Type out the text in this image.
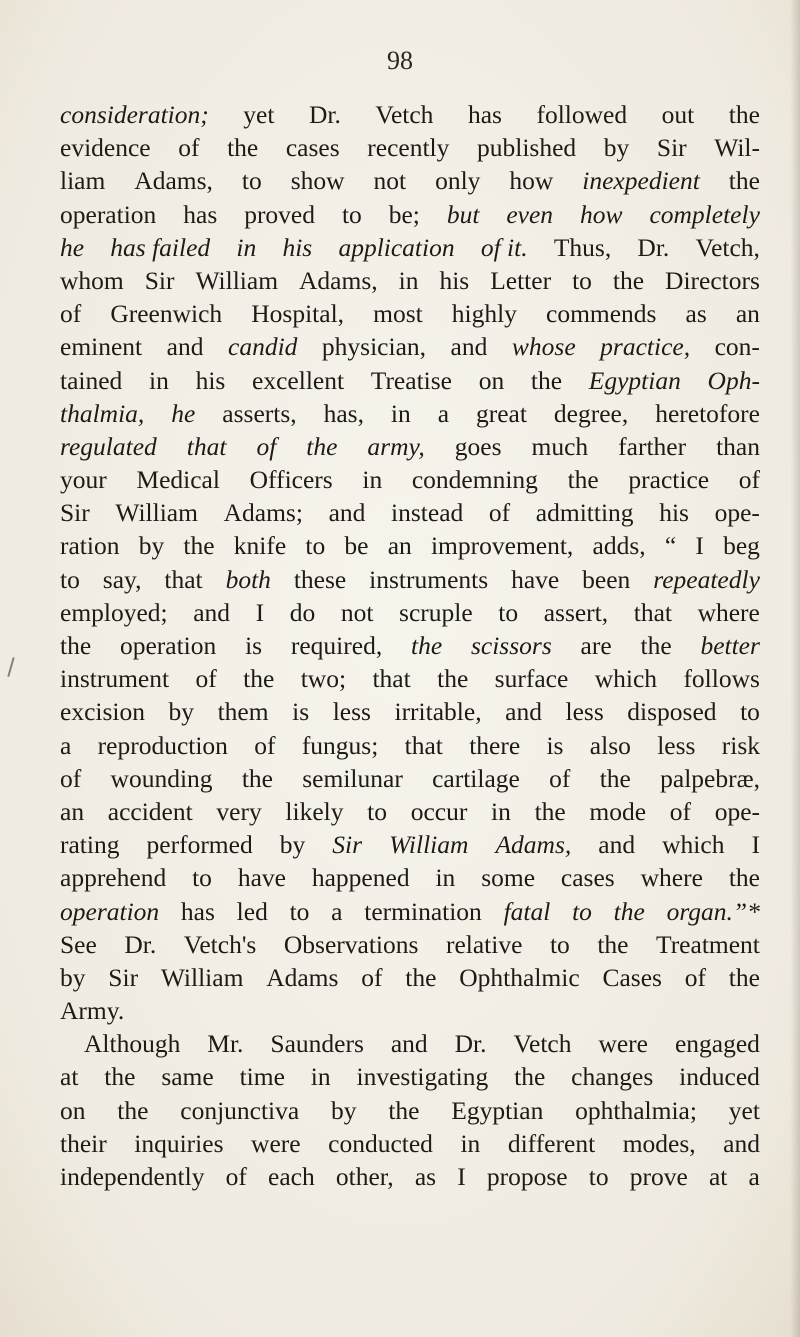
98
consideration; yet Dr. Vetch has followed out the
evidence of the cases recently published by Sir Wil-
liam Adams, to show not only how inexpedient the
operation has proved to be; but even how completely
he has failed in his application of it. Thus, Dr. Vetch,
whom Sir William Adams, in his Letter to the Directors
of Greenwich Hospital, most highly commends as an
eminent and candid physician, and whose practice, con-
tained in his excellent Treatise on the Egyptian Oph-
thalmia, he asserts, has, in a great degree, heretofore
regulated that of the army, goes much farther than
your Medical Officers in condemning the practice of
Sir William Adams; and instead of admitting his ope-
ration by the knife to be an improvement, adds, “ I beg
to say, that both these instruments have been repeatedly
employed; and I do not scruple to assert, that where
the operation is required, the scissors are the better
instrument of the two; that the surface which follows
excision by them is less irritable, and less disposed to
a reproduction of fungus; that there is also less risk
of wounding the semilunar cartilage of the palpebræ,
an accident very likely to occur in the mode of ope-
rating performed by Sir William Adams, and which I
apprehend to have happened in some cases where the
operation has led to a termination fatal to the organ.”*
See Dr. Vetch's Observations relative to the Treatment
by Sir William Adams of the Ophthalmic Cases of the
Army.
Although Mr. Saunders and Dr. Vetch were engaged
at the same time in investigating the changes induced
on the conjunctiva by the Egyptian ophthalmia; yet
their inquiries were conducted in different modes, and
independently of each other, as I propose to prove at a
